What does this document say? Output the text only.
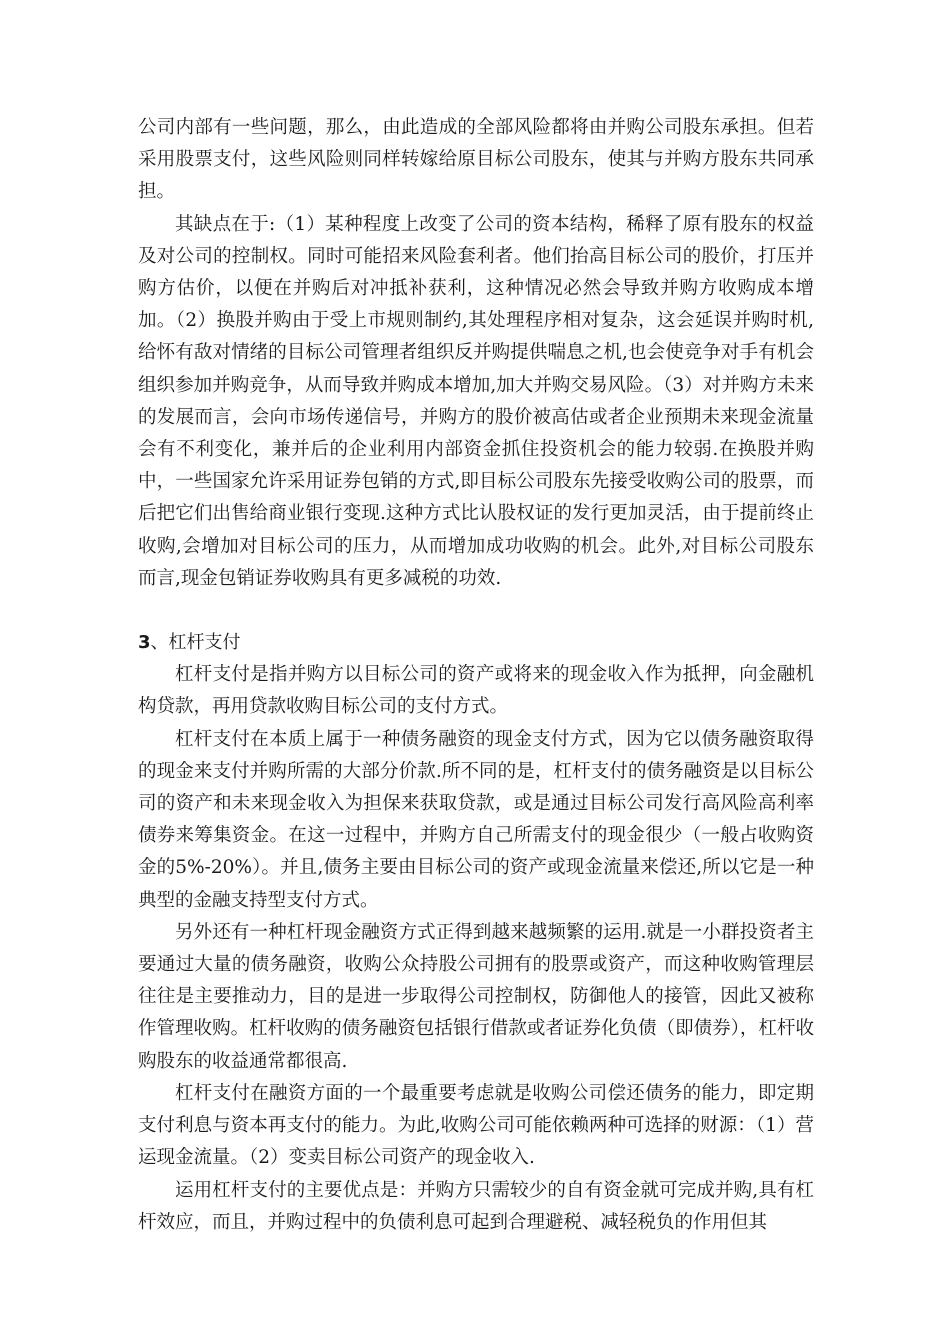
公司内部有一些问题，那么，由此造成的全部风险都将由并购公司股东承担。但若采用股票支付，这些风险则同样转嫁给原目标公司股东，使其与并购方股东共同承担。

其缺点在于:（1）某种程度上改变了公司的资本结构，稀释了原有股东的权益及对公司的控制权。同时可能招来风险套利者。他们抬高目标公司的股价，打压并购方估价，以便在并购后对冲抵补获利，这种情况必然会导致并购方收购成本增加。（2）换股并购由于受上市规则制约,其处理程序相对复杂，这会延误并购时机,给怀有敌对情绪的目标公司管理者组织反并购提供喘息之机,也会使竞争对手有机会组织参加并购竞争，从而导致并购成本增加,加大并购交易风险。（3）对并购方未来的发展而言，会向市场传递信号，并购方的股价被高估或者企业预期未来现金流量会有不利变化，兼并后的企业利用内部资金抓住投资机会的能力较弱.在换股并购中，一些国家允许采用证券包销的方式,即目标公司股东先接受收购公司的股票，而后把它们出售给商业银行变现.这种方式比认股权证的发行更加灵活，由于提前终止收购,会增加对目标公司的压力，从而增加成功收购的机会。此外,对目标公司股东而言,现金包销证券收购具有更多减税的功效.

3、杠杆支付

杠杆支付是指并购方以目标公司的资产或将来的现金收入作为抵押，向金融机构贷款，再用贷款收购目标公司的支付方式。

杠杆支付在本质上属于一种债务融资的现金支付方式，因为它以债务融资取得的现金来支付并购所需的大部分价款.所不同的是，杠杆支付的债务融资是以目标公司的资产和未来现金收入为担保来获取贷款，或是通过目标公司发行高风险高利率债券来筹集资金。在这一过程中，并购方自己所需支付的现金很少（一般占收购资金的5%-20%）。并且,债务主要由目标公司的资产或现金流量来偿还,所以它是一种典型的金融支持型支付方式。

另外还有一种杠杆现金融资方式正得到越来越频繁的运用.就是一小群投资者主要通过大量的债务融资，收购公众持股公司拥有的股票或资产，而这种收购管理层往往是主要推动力，目的是进一步取得公司控制权，防御他人的接管，因此又被称作管理收购。杠杆收购的债务融资包括银行借款或者证券化负债（即债券），杠杆收购股东的收益通常都很高.

杠杆支付在融资方面的一个最重要考虑就是收购公司偿还债务的能力，即定期支付利息与资本再支付的能力。为此,收购公司可能依赖两种可选择的财源：（1）营运现金流量。（2）变卖目标公司资产的现金收入.

运用杠杆支付的主要优点是：并购方只需较少的自有资金就可完成并购,具有杠杆效应，而且，并购过程中的负债利息可起到合理避税、减轻税负的作用但其
